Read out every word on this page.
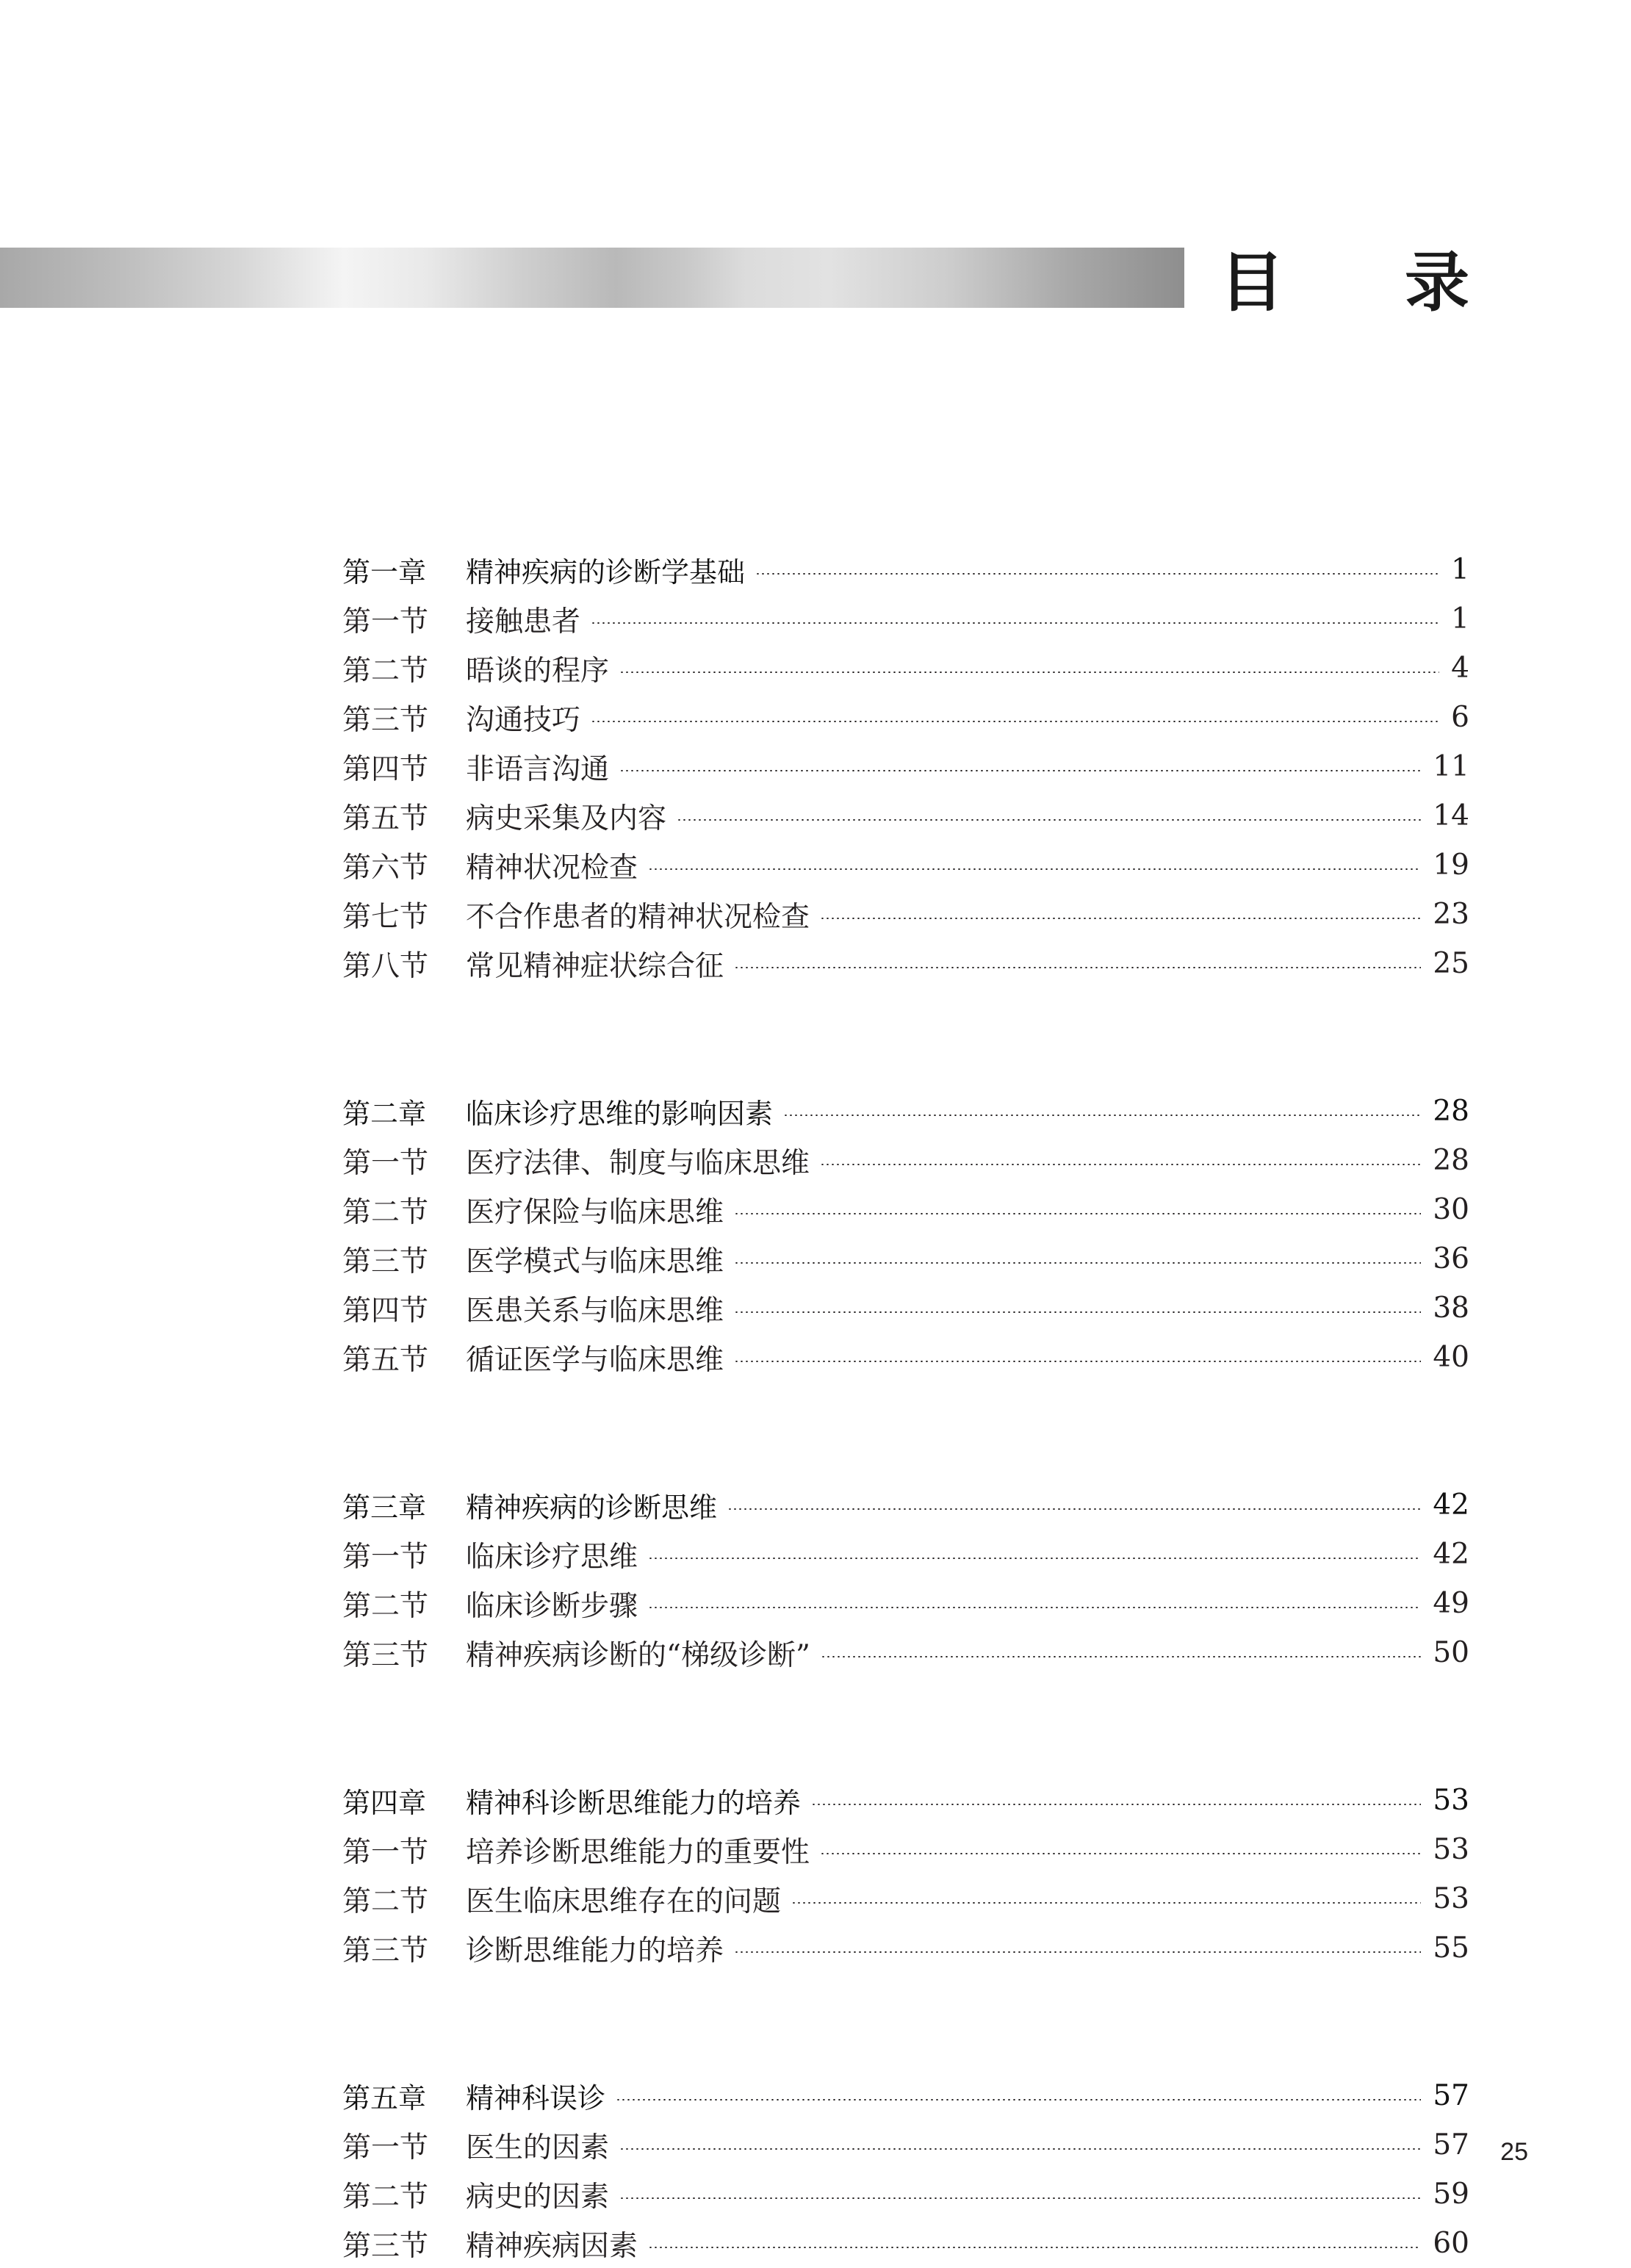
目 录
第一章	精神疾病的诊断学基础	1
第一节	接触患者	1
第二节	晤谈的程序	4
第三节	沟通技巧	6
第四节	非语言沟通	11
第五节	病史采集及内容	14
第六节	精神状况检查	19
第七节	不合作患者的精神状况检查	23
第八节	常见精神症状综合征	25
第二章	临床诊疗思维的影响因素	28
第一节	医疗法律、制度与临床思维	28
第二节	医疗保险与临床思维	30
第三节	医学模式与临床思维	36
第四节	医患关系与临床思维	38
第五节	循证医学与临床思维	40
第三章	精神疾病的诊断思维	42
第一节	临床诊疗思维	42
第二节	临床诊断步骤	49
第三节	精神疾病诊断的“梯级诊断”	50
第四章	精神科诊断思维能力的培养	53
第一节	培养诊断思维能力的重要性	53
第二节	医生临床思维存在的问题	53
第三节	诊断思维能力的培养	55
第五章	精神科误诊	57
第一节	医生的因素	57
第二节	病史的因素	59
第三节	精神疾病因素	60
25
